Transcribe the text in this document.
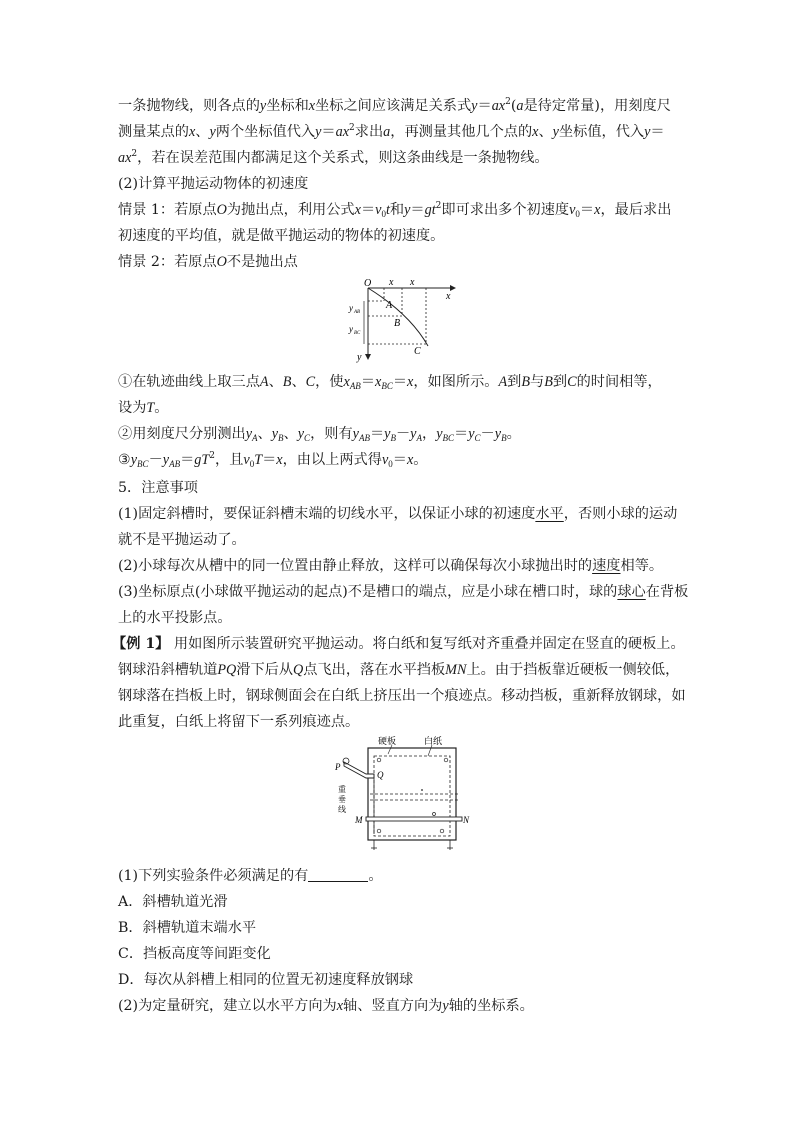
一条抛物线，则各点的y坐标和x坐标之间应该满足关系式$y=ax^2(a$是待定常量)，用刻度尺
测量某点的x、y两个坐标值代入$y=ax^2$求出a，再测量其他几个点的x、y坐标值，代入y＝
$ax^2$，若在误差范围内都满足这个关系式，则这条曲线是一条抛物线。
(2)计算平抛运动物体的初速度
情景 1：若原点O为抛出点，利用公式$x=v_0t$和$y=gt^2$即可求出多个初速度$v_0=x$，最后求出
初速度的平均值，就是做平抛运动的物体的初速度。
情景 2：若原点O不是抛出点
O x x
x
y
A
B
C
y AB
y BC
①在轨迹曲线上取三点A、B、C，使$x_{AB}=x_{BC}=x$，如图所示。A到B与B到C的时间相等，
设为T。
②用刻度尺分别测出$y_A$、$y_B$、$y_C$，则有$y_{AB}=y_B-y_A$，$y_{BC}=y_C-y_B$。
$③y_{BC}-y_{AB}=gT^2$，且$v_0T=x$，由以上两式得$v_0=x$。
5．注意事项
(1)固定斜槽时，要保证斜槽末端的切线水平，以保证小球的初速度水平，否则小球的运动
就不是平抛运动了。
(2)小球每次从槽中的同一位置由静止释放，这样可以确保每次小球抛出时的速度相等。
(3)坐标原点(小球做平抛运动的起点)不是槽口的端点，应是小球在槽口时，球的球心在背板
上的水平投影点。
【例 1】 用如图所示装置研究平抛运动。将白纸和复写纸对齐重叠并固定在竖直的硬板上。
钢球沿斜槽轨道PQ滑下后从Q点飞出，落在水平挡板MN上。由于挡板靠近硬板一侧较低，
钢球落在挡板上时，钢球侧面会在白纸上挤压出一个痕迹点。移动挡板，重新释放钢球，如
此重复，白纸上将留下一系列痕迹点。
硬板	白纸
P
Q
重
垂
线
M	N
(1)下列实验条件必须满足的有	。
A．斜槽轨道光滑
B．斜槽轨道末端水平
C．挡板高度等间距变化
D．每次从斜槽上相同的位置无初速度释放钢球
(2)为定量研究，建立以水平方向为x轴、竖直方向为y轴的坐标系。
